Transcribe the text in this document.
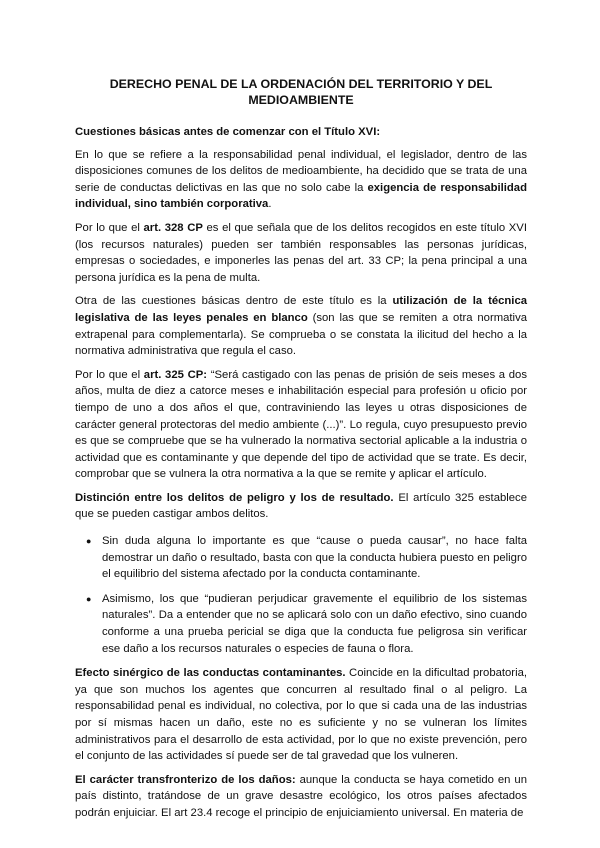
DERECHO PENAL DE LA ORDENACIÓN DEL TERRITORIO Y DEL MEDIOAMBIENTE
Cuestiones básicas antes de comenzar con el Título XVI:

En lo que se refiere a la responsabilidad penal individual, el legislador, dentro de las disposiciones comunes de los delitos de medioambiente, ha decidido que se trata de una serie de conductas delictivas en las que no solo cabe la exigencia de responsabilidad individual, sino también corporativa.

Por lo que el art. 328 CP es el que señala que de los delitos recogidos en este título XVI (los recursos naturales) pueden ser también responsables las personas jurídicas, empresas o sociedades, e imponerles las penas del art. 33 CP; la pena principal a una persona jurídica es la pena de multa.

Otra de las cuestiones básicas dentro de este título es la utilización de la técnica legislativa de las leyes penales en blanco (son las que se remiten a otra normativa extrapenal para complementarla). Se comprueba o se constata la ilicitud del hecho a la normativa administrativa que regula el caso.

Por lo que el art. 325 CP: “Será castigado con las penas de prisión de seis meses a dos años, multa de diez a catorce meses e inhabilitación especial para profesión u oficio por tiempo de uno a dos años el que, contraviniendo las leyes u otras disposiciones de carácter general protectoras del medio ambiente (...)”. Lo regula, cuyo presupuesto previo es que se compruebe que se ha vulnerado la normativa sectorial aplicable a la industria o actividad que es contaminante y que depende del tipo de actividad que se trate. Es decir, comprobar que se vulnera la otra normativa a la que se remite y aplicar el artículo.

Distinción entre los delitos de peligro y los de resultado. El artículo 325 establece que se pueden castigar ambos delitos.

● Sin duda alguna lo importante es que “cause o pueda causar”, no hace falta demostrar un daño o resultado, basta con que la conducta hubiera puesto en peligro el equilibrio del sistema afectado por la conducta contaminante.
● Asimismo, los que “pudieran perjudicar gravemente el equilibrio de los sistemas naturales”. Da a entender que no se aplicará solo con un daño efectivo, sino cuando conforme a una prueba pericial se diga que la conducta fue peligrosa sin verificar ese daño a los recursos naturales o especies de fauna o flora.

Efecto sinérgico de las conductas contaminantes. Coincide en la dificultad probatoria, ya que son muchos los agentes que concurren al resultado final o al peligro. La responsabilidad penal es individual, no colectiva, por lo que si cada una de las industrias por sí mismas hacen un daño, este no es suficiente y no se vulneran los límites administrativos para el desarrollo de esta actividad, por lo que no existe prevención, pero el conjunto de las actividades sí puede ser de tal gravedad que los vulneren.

El carácter transfronterizo de los daños: aunque la conducta se haya cometido en un país distinto, tratándose de un grave desastre ecológico, los otros países afectados podrán enjuiciar. El art 23.4 recoge el principio de enjuiciamiento universal. En materia de
